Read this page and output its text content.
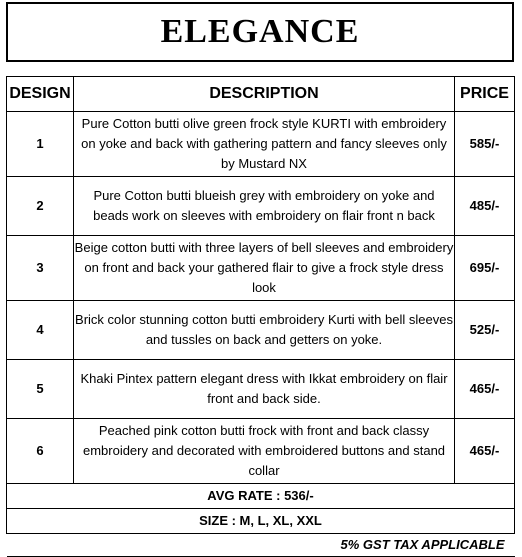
ELEGANCE
DESIGN	DESCRIPTION	PRICE
1	Pure Cotton butti olive green frock style KURTI with embroidery on yoke and back with gathering pattern and fancy sleeves only by Mustard NX	585/-
2	Pure Cotton butti blueish grey with embroidery on yoke and beads work on sleeves with embroidery on flair front n back	485/-
3	Beige cotton butti with three layers of bell sleeves and embroidery on front and back your gathered flair to give a frock style dress look	695/-
4	Brick color stunning cotton butti embroidery Kurti with bell sleeves and tussles on back and getters on yoke.	525/-
5	Khaki Pintex pattern elegant dress with Ikkat embroidery on flair front and back side.	465/-
6	Peached pink cotton butti frock with front and back classy embroidery and decorated with embroidered buttons and stand collar	465/-
AVG RATE : 536/-		
SIZE : M, L, XL, XXL		
5% GST TAX APPLICABLE		
